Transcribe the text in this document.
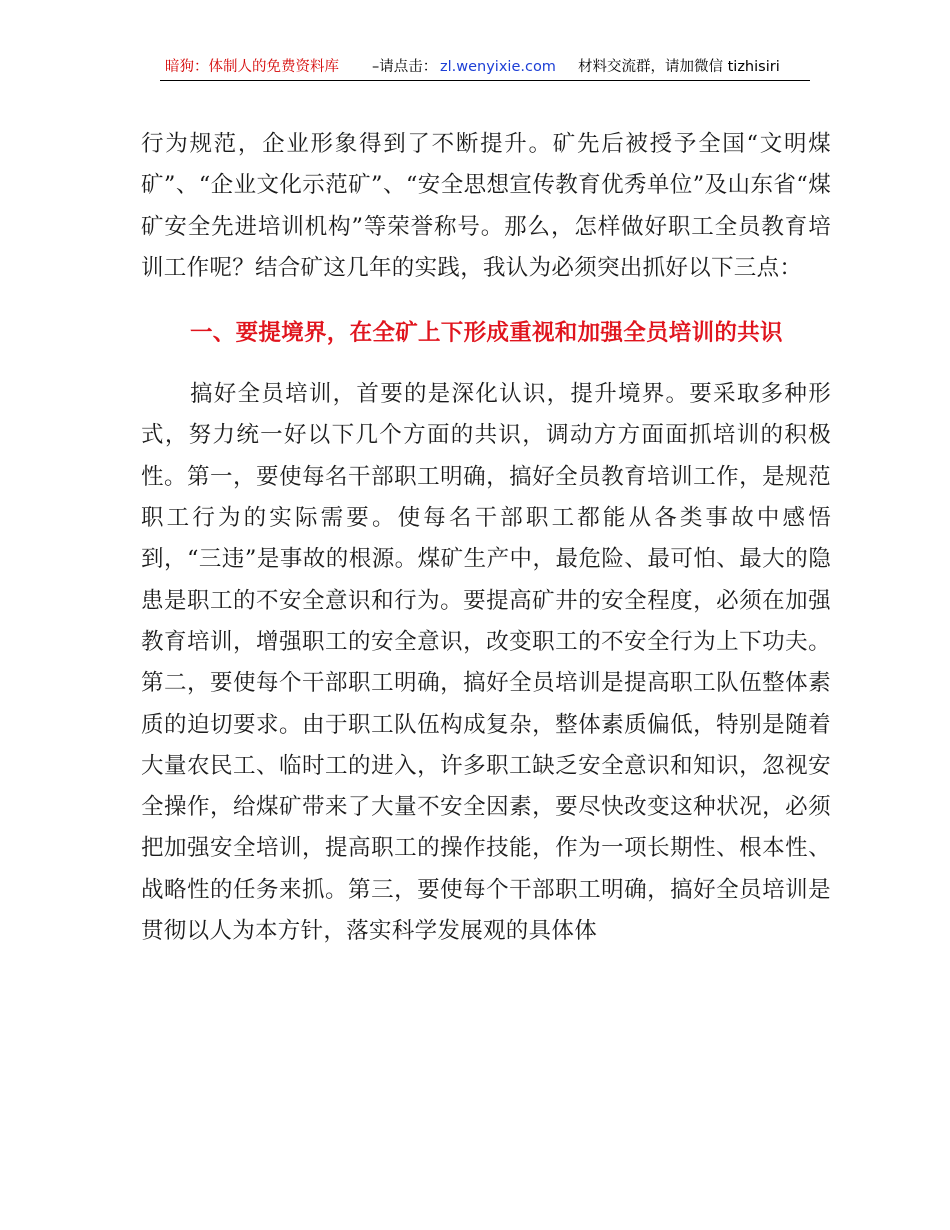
暗狗：体制人的免费资料库 –请点击： zl.wenyixie.com 材料交流群，请加微信 tizhisiri

行为规范，企业形象得到了不断提升。矿先后被授予全国“文明煤矿”、“企业文化示范矿”、“安全思想宣传教育优秀单位”及山东省“煤矿安全先进培训机构”等荣誉称号。那么，怎样做好职工全员教育培训工作呢？结合矿这几年的实践，我认为必须突出抓好以下三点：

一、要提境界，在全矿上下形成重视和加强全员培训的共识

搞好全员培训，首要的是深化认识，提升境界。要采取多种形式，努力统一好以下几个方面的共识，调动方方面面抓培训的积极性。第一，要使每名干部职工明确，搞好全员教育培训工作，是规范职工行为的实际需要。使每名干部职工都能从各类事故中感悟到，“三违”是事故的根源。煤矿生产中，最危险、最可怕、最大的隐患是职工的不安全意识和行为。要提高矿井的安全程度，必须在加强教育培训，增强职工的安全意识，改变职工的不安全行为上下功夫。第二，要使每个干部职工明确，搞好全员培训是提高职工队伍整体素质的迫切要求。由于职工队伍构成复杂，整体素质偏低，特别是随着大量农民工、临时工的进入，许多职工缺乏安全意识和知识，忽视安全操作，给煤矿带来了大量不安全因素，要尽快改变这种状况，必须把加强安全培训，提高职工的操作技能，作为一项长期性、根本性、战略性的任务来抓。第三，要使每个干部职工明确，搞好全员培训是贯彻以人为本方针，落实科学发展观的具体体
